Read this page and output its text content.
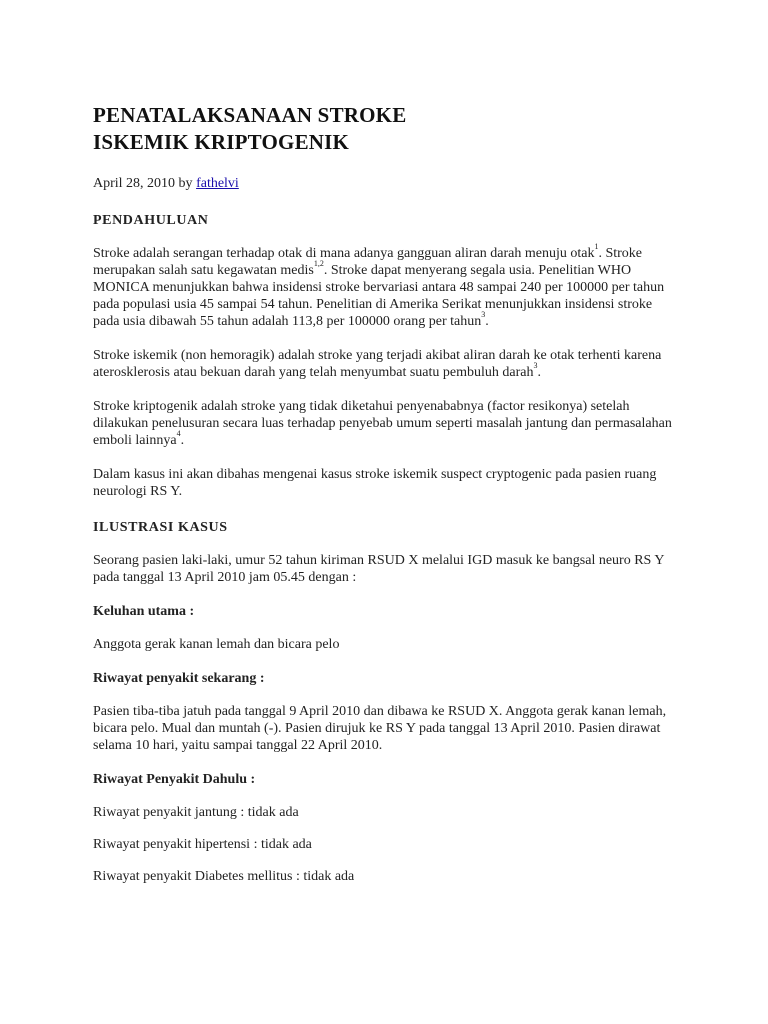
PENATALAKSANAAN STROKE
ISKEMIK KRIPTOGENIK
April 28, 2010 by fathelvi
PENDAHULUAN

Stroke adalah serangan terhadap otak di mana adanya gangguan aliran darah menuju otak$^1$. Stroke merupakan salah satu kegawatan medis$^{1,2}$. Stroke dapat menyerang segala usia. Penelitian WHO MONICA menunjukkan bahwa insidensi stroke bervariasi antara 48 sampai 240 per 100000 per tahun pada populasi usia 45 sampai 54 tahun. Penelitian di Amerika Serikat menunjukkan insidensi stroke pada usia dibawah 55 tahun adalah 113,8 per 100000 orang per tahun$^3$.

Stroke iskemik (non hemoragik) adalah stroke yang terjadi akibat aliran darah ke otak terhenti karena aterosklerosis atau bekuan darah yang telah menyumbat suatu pembuluh darah$^3$.

Stroke kriptogenik adalah stroke yang tidak diketahui penyenababnya (factor resikonya) setelah dilakukan penelusuran secara luas terhadap penyebab umum seperti masalah jantung dan permasalahan emboli lainnya$^4$.

Dalam kasus ini akan dibahas mengenai kasus stroke iskemik suspect cryptogenic pada pasien ruang neurologi RS Y.

ILUSTRASI KASUS

Seorang pasien laki-laki, umur 52 tahun kiriman RSUD X melalui IGD masuk ke bangsal neuro RS Y pada tanggal 13 April 2010 jam 05.45 dengan :

Keluhan utama :

Anggota gerak kanan lemah dan bicara pelo

Riwayat penyakit sekarang :

Pasien tiba-tiba jatuh pada tanggal 9 April 2010 dan dibawa ke RSUD X. Anggota gerak kanan lemah, bicara pelo. Mual dan muntah (-). Pasien dirujuk ke RS Y pada tanggal 13 April 2010. Pasien dirawat selama 10 hari, yaitu sampai tanggal 22 April 2010.

Riwayat Penyakit Dahulu :

Riwayat penyakit jantung : tidak ada

Riwayat penyakit hipertensi : tidak ada

Riwayat penyakit Diabetes mellitus : tidak ada
